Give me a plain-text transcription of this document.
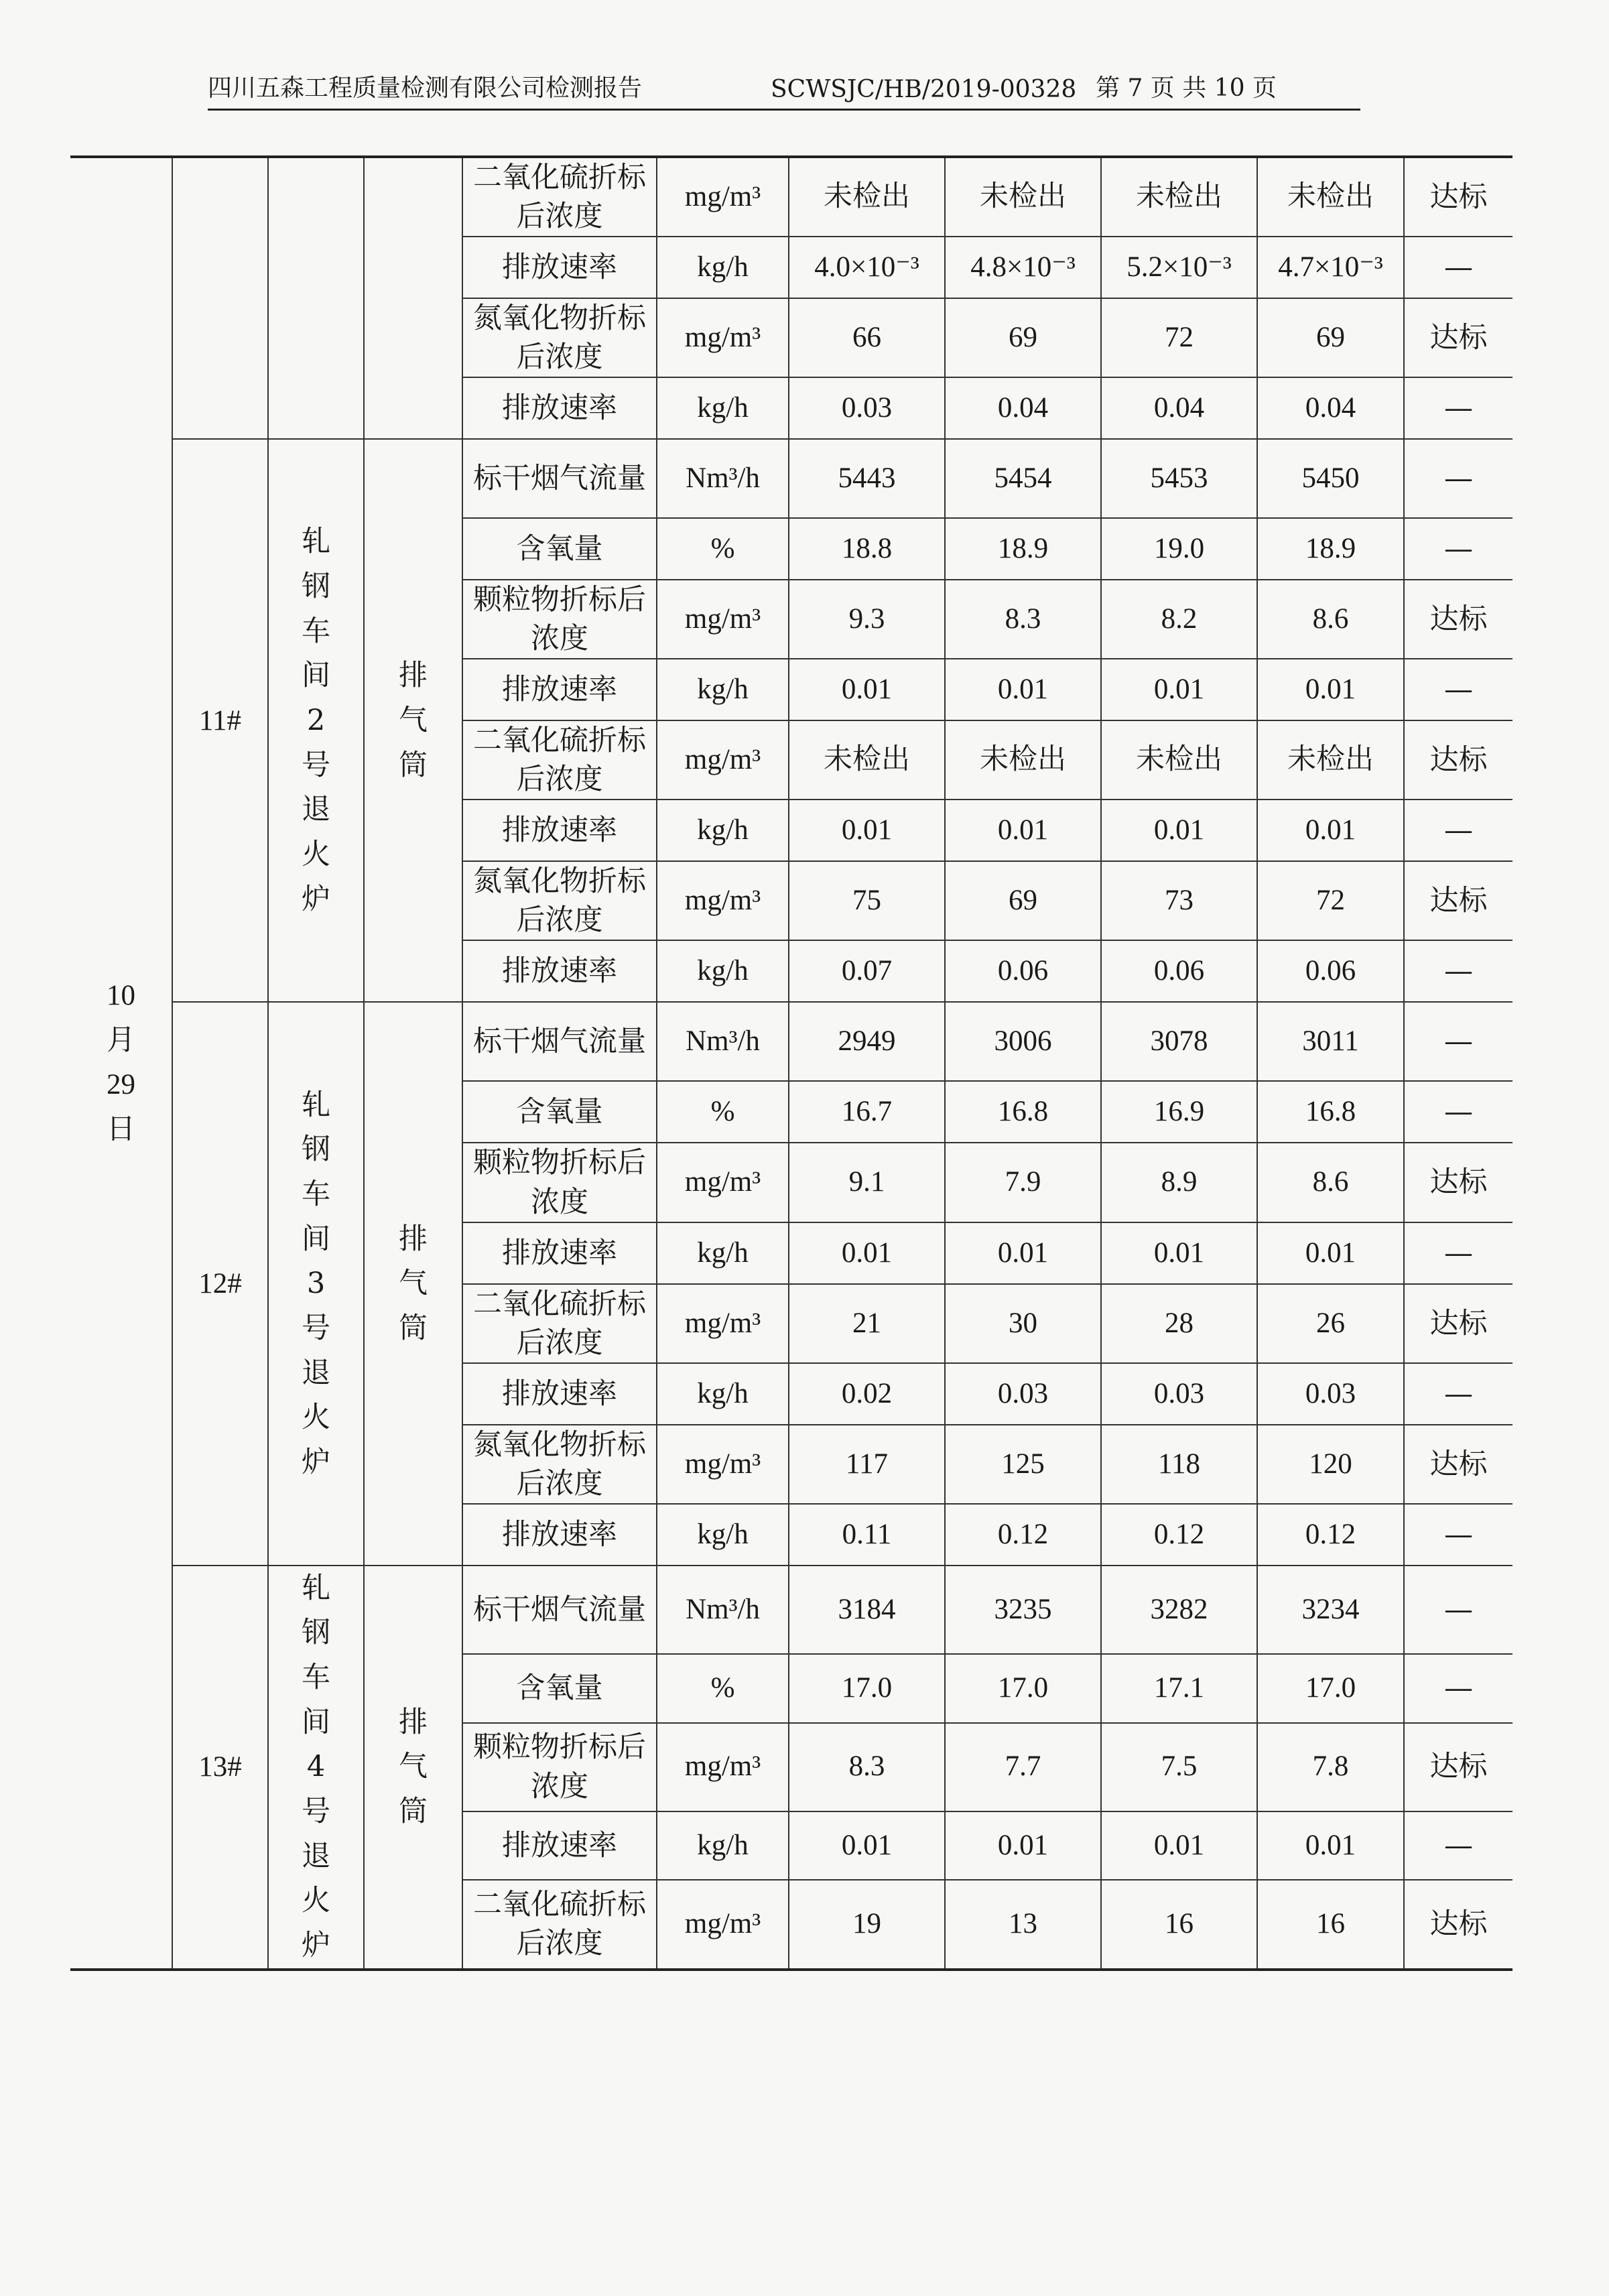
四川五森工程质量检测有限公司检测报告	SCWSJC/HB/2019-00328 第 7 页 共 10 页
10 月 29 日				二氧化硫折标后浓度	mg/m³	未检出	未检出	未检出	未检出	达标
				排放速率	kg/h	4.0×10⁻³	4.8×10⁻³	5.2×10⁻³	4.7×10⁻³	—
				氮氧化物折标后浓度	mg/m³	66	69	72	69	达标
				排放速率	kg/h	0.03	0.04	0.04	0.04	—
	11#	轧钢车间2号退火炉	排气筒	标干烟气流量	Nm³/h	5443	5454	5453	5450	—
				含氧量	%	18.8	18.9	19.0	18.9	—
				颗粒物折标后浓度	mg/m³	9.3	8.3	8.2	8.6	达标
				排放速率	kg/h	0.01	0.01	0.01	0.01	—
				二氧化硫折标后浓度	mg/m³	未检出	未检出	未检出	未检出	达标
				排放速率	kg/h	0.01	0.01	0.01	0.01	—
				氮氧化物折标后浓度	mg/m³	75	69	73	72	达标
				排放速率	kg/h	0.07	0.06	0.06	0.06	—
	12#	轧钢车间3号退火炉	排气筒	标干烟气流量	Nm³/h	2949	3006	3078	3011	—
				含氧量	%	16.7	16.8	16.9	16.8	—
				颗粒物折标后浓度	mg/m³	9.1	7.9	8.9	8.6	达标
				排放速率	kg/h	0.01	0.01	0.01	0.01	—
				二氧化硫折标后浓度	mg/m³	21	30	28	26	达标
				排放速率	kg/h	0.02	0.03	0.03	0.03	—
				氮氧化物折标后浓度	mg/m³	117	125	118	120	达标
				排放速率	kg/h	0.11	0.12	0.12	0.12	—
	13#	轧钢车间4号退火炉	排气筒	标干烟气流量	Nm³/h	3184	3235	3282	3234	—
				含氧量	%	17.0	17.0	17.1	17.0	—
				颗粒物折标后浓度	mg/m³	8.3	7.7	7.5	7.8	达标
				排放速率	kg/h	0.01	0.01	0.01	0.01	—
				二氧化硫折标后浓度	mg/m³	19	13	16	16	达标
